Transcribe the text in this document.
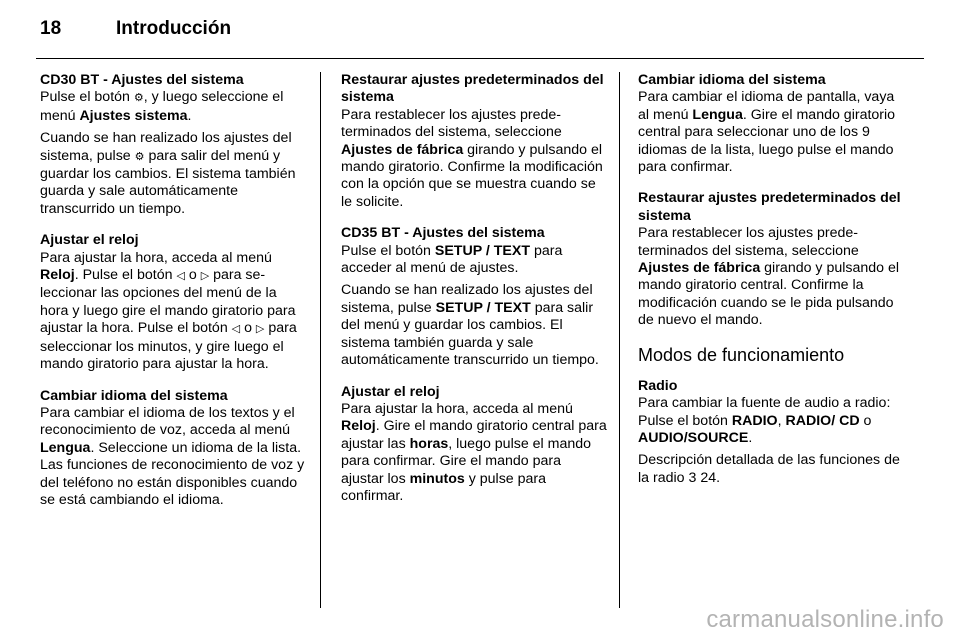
18	Introducción
CD30 BT - Ajustes del sistema

Pulse el botón ⚙, y luego seleccione el menú Ajustes sistema.

Cuando se han realizado los ajustes del sistema, pulse ⚙ para salir del menú y guardar los cambios. El sistema también guarda y sale automáticamente transcurrido un tiempo.

Ajustar el reloj

Para ajustar la hora, acceda al menú Reloj. Pulse el botón ◁ o ▷ para seleccionar las opciones del menú de la hora y luego gire el mando giratorio para ajustar la hora. Pulse el botón ◁ o ▷ para seleccionar los minutos, y gire luego el mando giratorio para ajustar la hora.

Cambiar idioma del sistema

Para cambiar el idioma de los textos y el reconocimiento de voz, acceda al menú Lengua. Seleccione un idioma de la lista. Las funciones de reconocimiento de voz y del teléfono no están disponibles cuando se está cambiando el idioma.

Restaurar ajustes predeterminados del sistema

Para restablecer los ajustes predeterminados del sistema, seleccione Ajustes de fábrica girando y pulsando el mando giratorio. Confirme la modificación con la opción que se muestra cuando se le solicite.

CD35 BT - Ajustes del sistema

Pulse el botón SETUP / TEXT para acceder al menú de ajustes.

Cuando se han realizado los ajustes del sistema, pulse SETUP / TEXT para salir del menú y guardar los cambios. El sistema también guarda y sale automáticamente transcurrido un tiempo.

Ajustar el reloj

Para ajustar la hora, acceda al menú Reloj. Gire el mando giratorio central para ajustar las horas, luego pulse el mando para confirmar. Gire el mando para ajustar los minutos y pulse para confirmar.

Cambiar idioma del sistema

Para cambiar el idioma de pantalla, vaya al menú Lengua. Gire el mando giratorio central para seleccionar uno de los 9 idiomas de la lista, luego pulse el mando para confirmar.

Restaurar ajustes predeterminados del sistema

Para restablecer los ajustes predeterminados del sistema, seleccione Ajustes de fábrica girando y pulsando el mando giratorio central. Confirme la modificación cuando se le pida pulsando de nuevo el mando.

Modos de funcionamiento
Radio

Para cambiar la fuente de audio a radio: Pulse el botón RADIO, RADIO/ CD o AUDIO/SOURCE.

Descripción detallada de las funciones de la radio 3 24.

carmanualsonline.info
